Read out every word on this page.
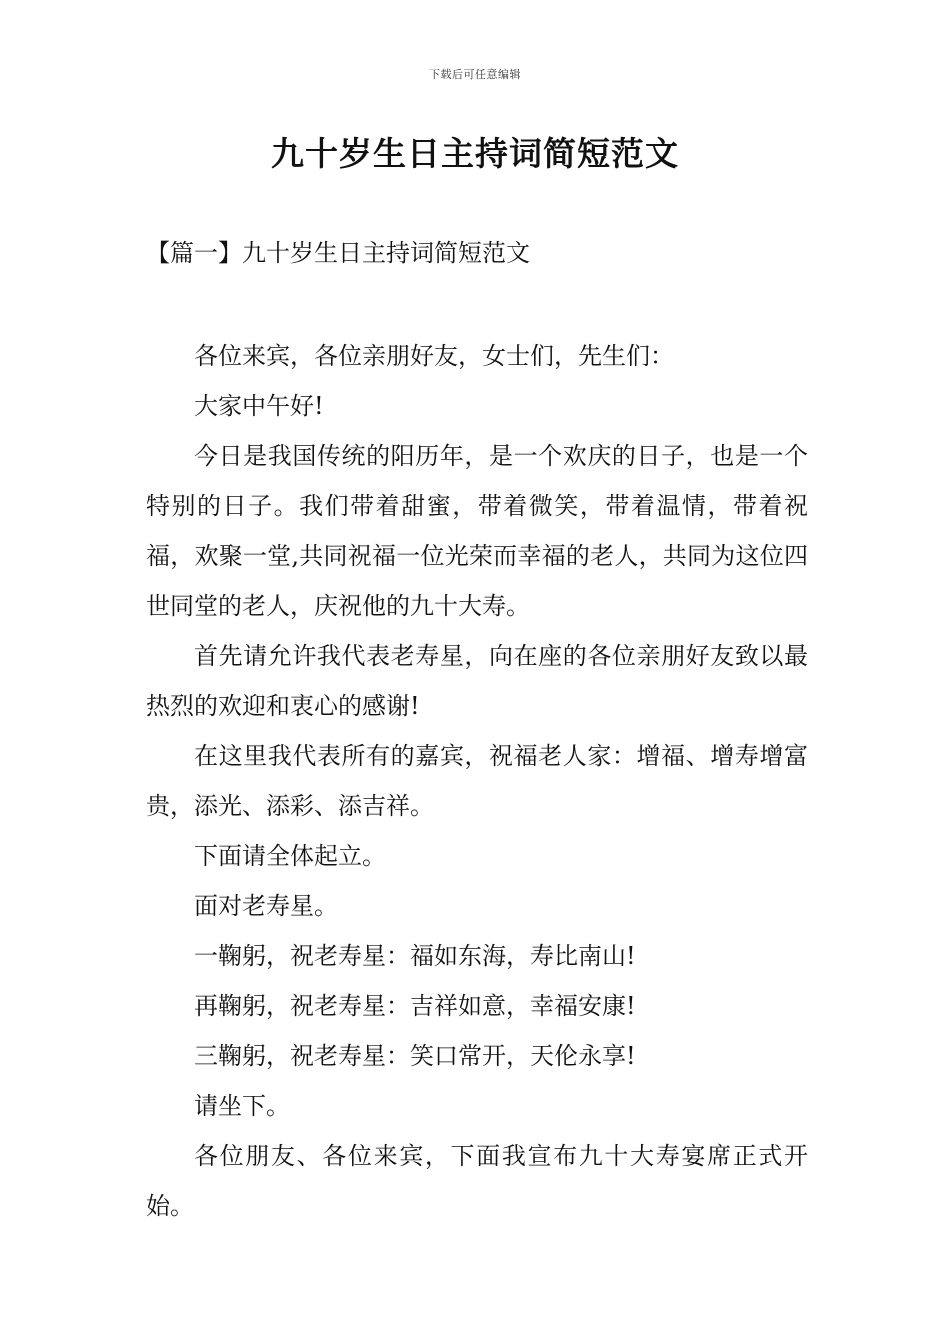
下载后可任意编辑
九十岁生日主持词简短范文
【篇一】九十岁生日主持词简短范文

各位来宾，各位亲朋好友，女士们，先生们：

大家中午好!

今日是我国传统的阳历年，是一个欢庆的日子，也是一个特别的日子。我们带着甜蜜，带着微笑，带着温情，带着祝福，欢聚一堂,共同祝福一位光荣而幸福的老人，共同为这位四世同堂的老人，庆祝他的九十大寿。

首先请允许我代表老寿星，向在座的各位亲朋好友致以最热烈的欢迎和衷心的感谢!

在这里我代表所有的嘉宾，祝福老人家：增福、增寿增富贵，添光、添彩、添吉祥。

下面请全体起立。

面对老寿星。

一鞠躬，祝老寿星：福如东海，寿比南山!

再鞠躬，祝老寿星：吉祥如意，幸福安康!

三鞠躬，祝老寿星：笑口常开，天伦永享!

请坐下。

各位朋友、各位来宾，下面我宣布九十大寿宴席正式开始。
